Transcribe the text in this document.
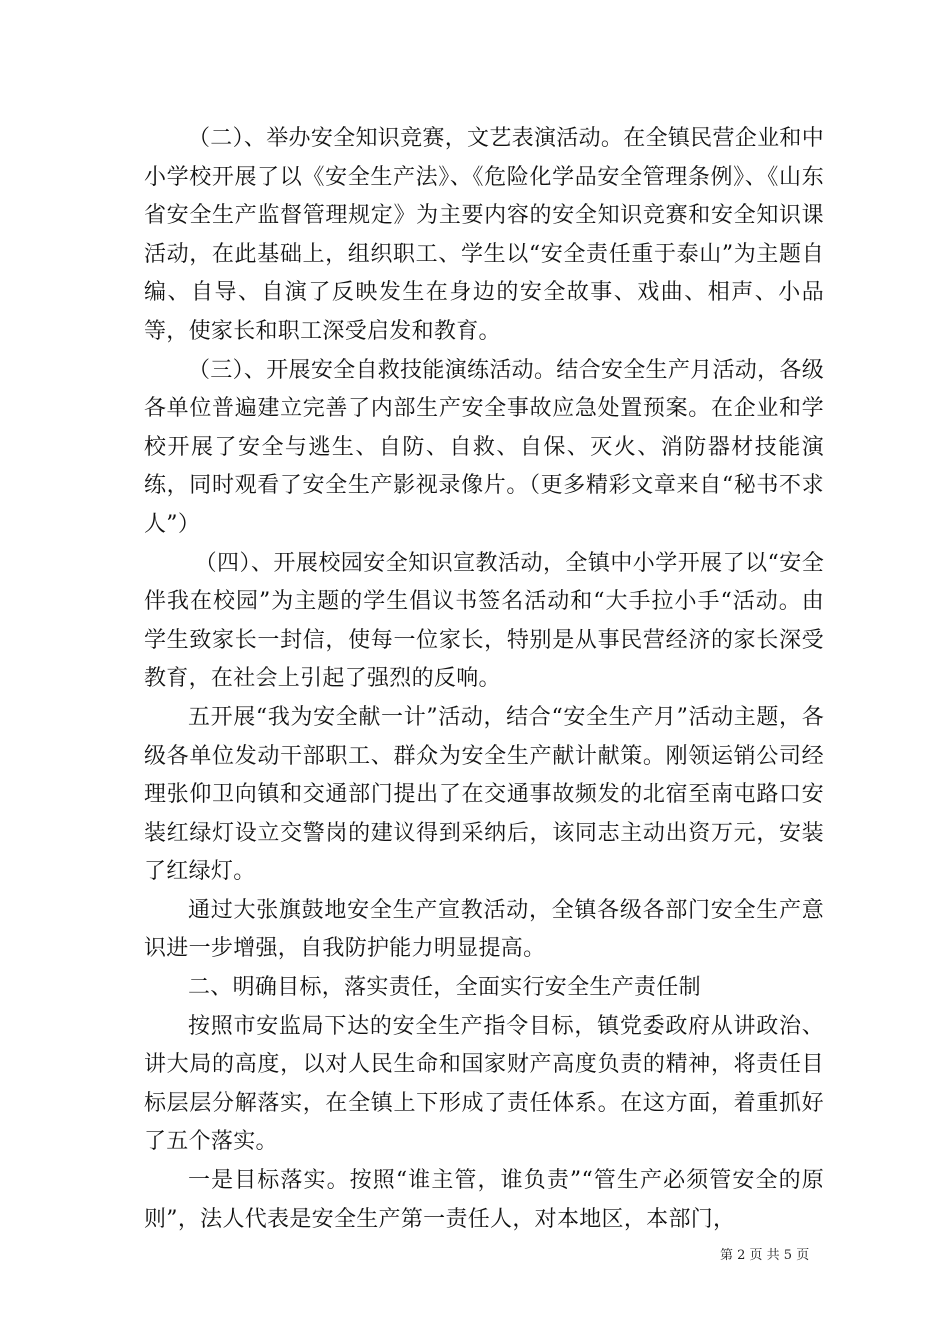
（二）、举办安全知识竞赛，文艺表演活动。在全镇民营企业和中小学校开展了以《安全生产法》、《危险化学品安全管理条例》、《山东省安全生产监督管理规定》为主要内容的安全知识竞赛和安全知识课活动，在此基础上，组织职工、学生以“安全责任重于泰山”为主题自编、自导、自演了反映发生在身边的安全故事、戏曲、相声、小品等，使家长和职工深受启发和教育。

（三）、开展安全自救技能演练活动。结合安全生产月活动，各级各单位普遍建立完善了内部生产安全事故应急处置预案。在企业和学校开展了安全与逃生、自防、自救、自保、灭火、消防器材技能演练，同时观看了安全生产影视录像片。（更多精彩文章来自“秘书不求人”）

（四）、开展校园安全知识宣教活动，全镇中小学开展了以“安全伴我在校园”为主题的学生倡议书签名活动和“大手拉小手“活动。由学生致家长一封信，使每一位家长，特别是从事民营经济的家长深受教育，在社会上引起了强烈的反响。

五开展“我为安全献一计”活动，结合“安全生产月”活动主题，各级各单位发动干部职工、群众为安全生产献计献策。刚领运销公司经理张仰卫向镇和交通部门提出了在交通事故频发的北宿至南屯路口安装红绿灯设立交警岗的建议得到采纳后，该同志主动出资万元，安装了红绿灯。

通过大张旗鼓地安全生产宣教活动，全镇各级各部门安全生产意识进一步增强，自我防护能力明显提高。

二、明确目标，落实责任，全面实行安全生产责任制

按照市安监局下达的安全生产指令目标，镇党委政府从讲政治、讲大局的高度，以对人民生命和国家财产高度负责的精神，将责任目标层层分解落实，在全镇上下形成了责任体系。在这方面，着重抓好了五个落实。

一是目标落实。按照“谁主管，谁负责”“管生产必须管安全的原则”，法人代表是安全生产第一责任人，对本地区，本部门，

第 2 页 共 5 页
